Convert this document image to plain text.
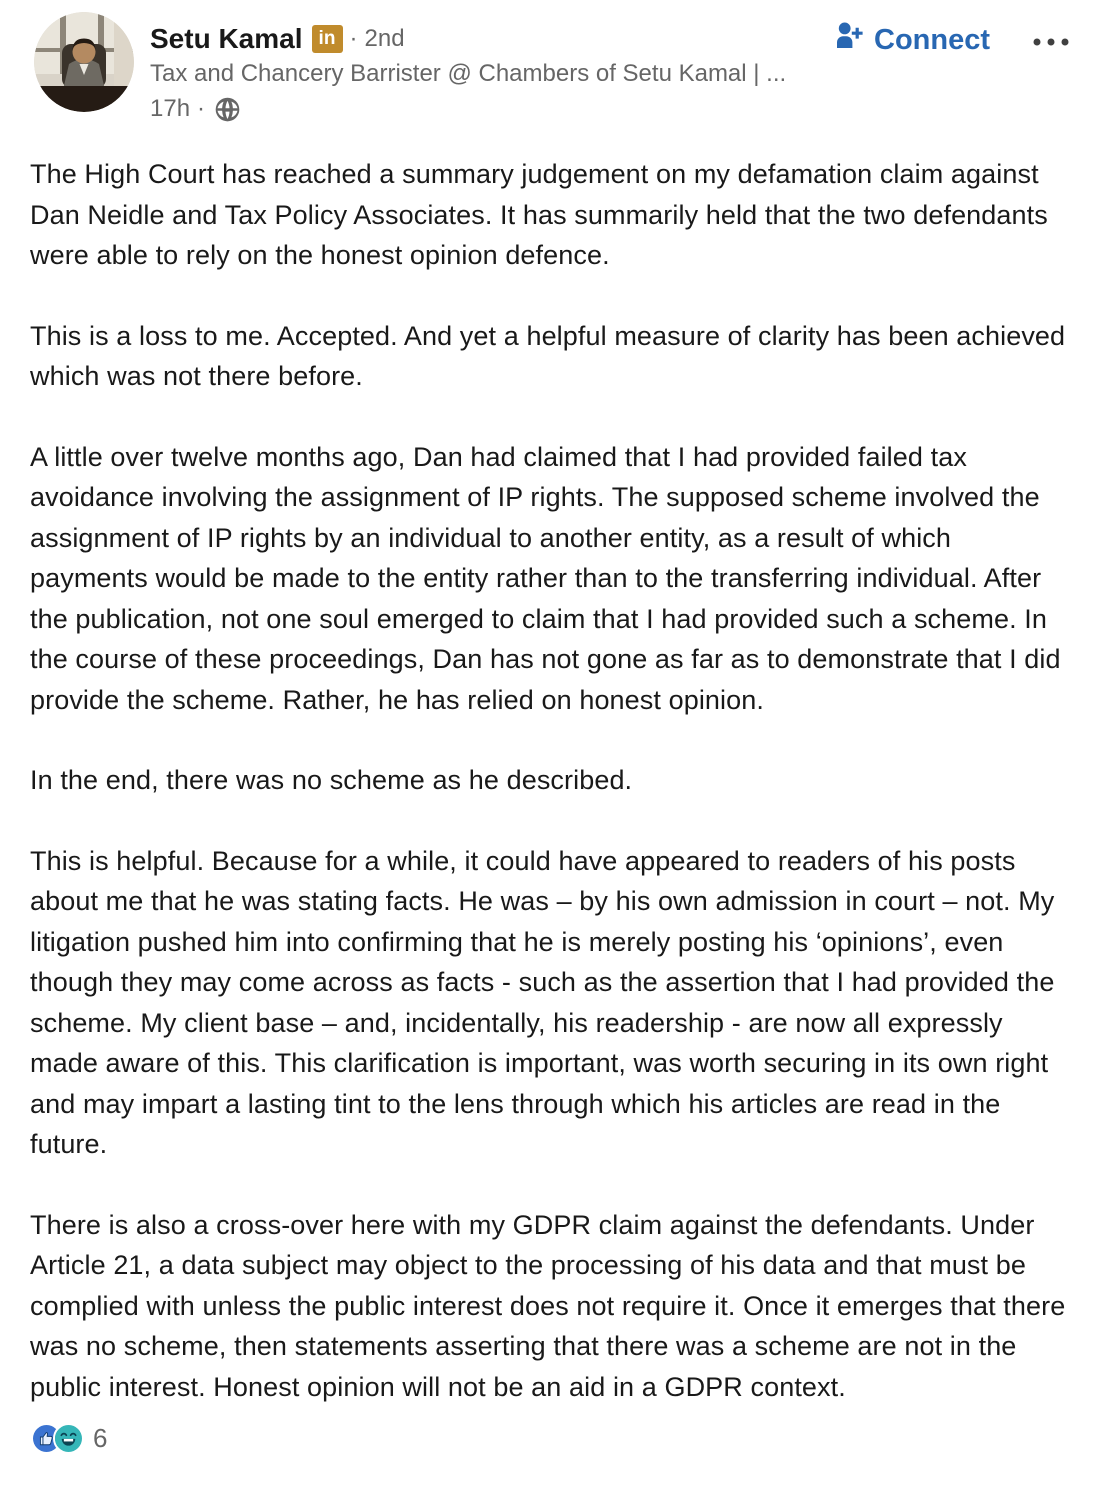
Setu Kamal in · 2nd
Tax and Chancery Barrister @ Chambers of Setu Kamal | ...
17h ·
Connect

The High Court has reached a summary judgement on my defamation claim against Dan Neidle and Tax Policy Associates. It has summarily held that the two defendants were able to rely on the honest opinion defence.

This is a loss to me. Accepted. And yet a helpful measure of clarity has been achieved which was not there before.

A little over twelve months ago, Dan had claimed that I had provided failed tax avoidance involving the assignment of IP rights. The supposed scheme involved the assignment of IP rights by an individual to another entity, as a result of which payments would be made to the entity rather than to the transferring individual. After the publication, not one soul emerged to claim that I had provided such a scheme. In the course of these proceedings, Dan has not gone as far as to demonstrate that I did provide the scheme. Rather, he has relied on honest opinion.

In the end, there was no scheme as he described.

This is helpful. Because for a while, it could have appeared to readers of his posts about me that he was stating facts. He was – by his own admission in court – not. My litigation pushed him into confirming that he is merely posting his ‘opinions’, even though they may come across as facts - such as the assertion that I had provided the scheme. My client base – and, incidentally, his readership - are now all expressly made aware of this. This clarification is important, was worth securing in its own right and may impart a lasting tint to the lens through which his articles are read in the future.

There is also a cross-over here with my GDPR claim against the defendants. Under Article 21, a data subject may object to the processing of his data and that must be complied with unless the public interest does not require it. Once it emerges that there was no scheme, then statements asserting that there was a scheme are not in the public interest. Honest opinion will not be an aid in a GDPR context.

6
